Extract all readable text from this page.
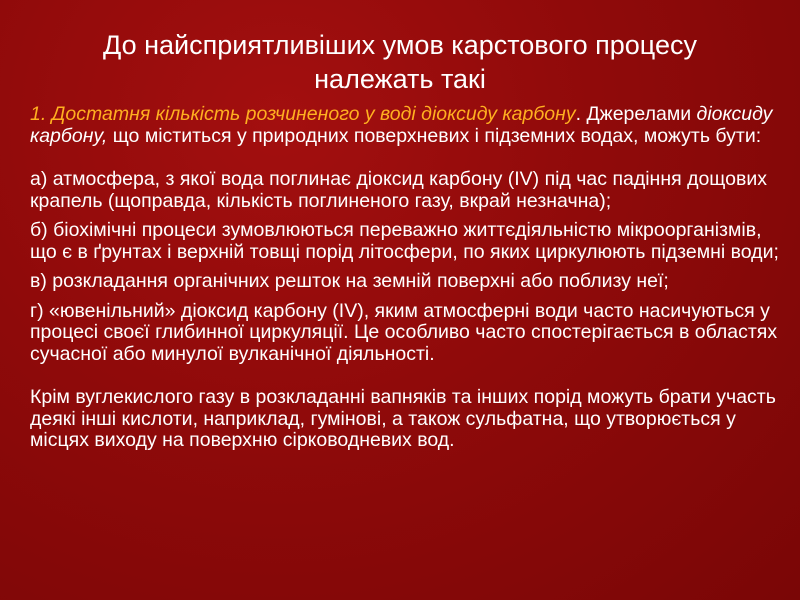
До найсприятливіших умов карстового процесу
належать такі

1. Достатня кількість розчиненого у воді діоксиду карбону. Джерелами діоксиду карбону, що міститься у природних поверхневих і підземних водах, можуть бути:

а) атмосфера, з якої вода поглинає діоксид карбону (IV) під час падіння дощових крапель (щоправда, кількість поглиненого газу, вкрай незначна);

б) біохімічні процеси зумовлюються переважно життєдіяльністю мікроорганізмів, що є в ґрунтах і верхній товщі порід літосфери, по яких циркулюють підземні води;

в) розкладання органічних решток на земній поверхні або поблизу неї;

г) «ювенільний» діоксид карбону (IV), яким атмосферні води часто насичуються у процесі своєї глибинної циркуляції. Це особливо часто спостерігається в областях сучасної або минулої вулканічної діяльності.

Крім вуглекислого газу в розкладанні вапняків та інших порід можуть брати участь деякі інші кислоти, наприклад, гумінові, а також сульфатна, що утворюється у місцях виходу на поверхню сірководневих вод.
